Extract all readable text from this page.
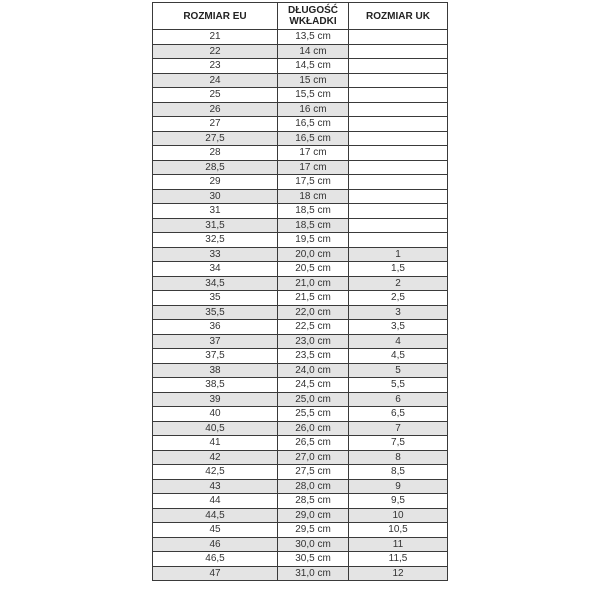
ROZMIAR EU	DŁUGOŚĆ WKŁADKI	ROZMIAR UK
21	13,5 cm	
22	14 cm	
23	14,5 cm	
24	15 cm	
25	15,5 cm	
26	16 cm	
27	16,5 cm	
27,5	16,5 cm	
28	17 cm	
28,5	17 cm	
29	17,5 cm	
30	18 cm	
31	18,5 cm	
31,5	18,5 cm	
32,5	19,5 cm	
33	20,0 cm	1
34	20,5 cm	1,5
34,5	21,0 cm	2
35	21,5 cm	2,5
35,5	22,0 cm	3
36	22,5 cm	3,5
37	23,0 cm	4
37,5	23,5 cm	4,5
38	24,0 cm	5
38,5	24,5 cm	5,5
39	25,0 cm	6
40	25,5 cm	6,5
40,5	26,0 cm	7
41	26,5 cm	7,5
42	27,0 cm	8
42,5	27,5 cm	8,5
43	28,0 cm	9
44	28,5 cm	9,5
44,5	29,0 cm	10
45	29,5 cm	10,5
46	30,0 cm	11
46,5	30,5 cm	11,5
47	31,0 cm	12
